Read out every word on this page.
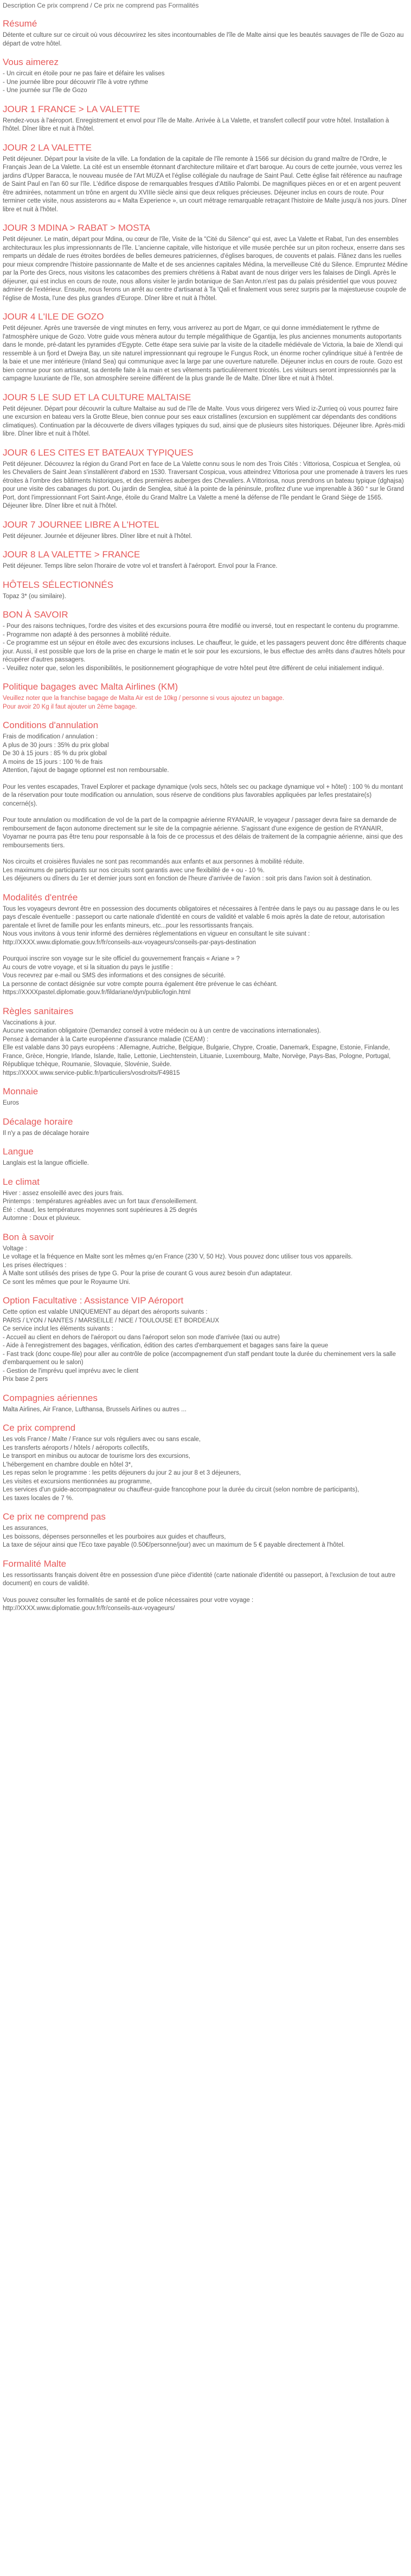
Description Ce prix comprend / Ce prix ne comprend pas Formalités
Résumé
Détente et culture sur ce circuit où vous découvrirez les sites incontournables de l'île de Malte ainsi que les beautés sauvages de l'île de Gozo au départ de votre hôtel.
Vous aimerez
- Un circuit en étoile pour ne pas faire et défaire les valises
- Une journée libre pour découvrir l'île à votre rythme
- Une journée sur l'île de Gozo
JOUR 1 FRANCE > LA VALETTE
Rendez-vous à l'aéroport. Enregistrement et envol pour l'île de Malte. Arrivée à La Valette, et transfert collectif pour votre hôtel. Installation à l'hôtel. Dîner libre et nuit à l'hôtel.
JOUR 2 LA VALETTE
Petit déjeuner. Départ pour la visite de la ville. La fondation de la capitale de l'île remonte à 1566 sur décision du grand maître de l'Ordre, le Français Jean de La Valette. La cité est un ensemble étonnant d'architecture militaire et d'art baroque. Au cours de cette journée, vous verrez les jardins d'Upper Baracca, le nouveau musée de l'Art MUZA et l'église collégiale du naufrage de Saint Paul. Cette église fait référence au naufrage de Saint Paul en l'an 60 sur l'île. L'édifice dispose de remarquables fresques d'Attilio Palombi. De magnifiques pièces en or et en argent peuvent être admirées, notamment un trône en argent du XVIIIe siècle ainsi que deux reliques précieuses. Déjeuner inclus en cours de route. Pour terminer cette visite, nous assisterons au « Malta Experience », un court métrage remarquable retraçant l'histoire de Malte jusqu'à nos jours. Dîner libre et nuit à l'hôtel.
JOUR 3 MDINA > RABAT > MOSTA
Petit déjeuner. Le matin, départ pour Mdina, ou cœur de l'île, Visite de la "Cité du Silence" qui est, avec La Valette et Rabat, l'un des ensembles architecturaux les plus impressionnants de l'île. L'ancienne capitale, ville historique et ville musée perchée sur un piton rocheux, enserre dans ses remparts un dédale de rues étroites bordées de belles demeures patriciennes, d'églises baroques, de couvents et palais. Flânez dans les ruelles pour mieux comprendre l'histoire passionnante de Malte et de ses anciennes capitales Médina, la merveilleuse Cité du Silence. Empruntez Médine par la Porte des Grecs, nous visitons les catacombes des premiers chrétiens à Rabat avant de nous diriger vers les falaises de Dingli. Après le déjeuner, qui est inclus en cours de route, nous allons visiter le jardin botanique de San Anton.n'est pas du palais présidentiel que vous pouvez admirer de l'extérieur. Ensuite, nous ferons un arrêt au centre d'artisanat à Ta 'Qali et finalement vous serez surpris par la majestueuse coupole de l'église de Mosta, l'une des plus grandes d'Europe. Dîner libre et nuit à l'hôtel.
JOUR 4 L'ILE DE GOZO
Petit déjeuner. Après une traversée de vingt minutes en ferry, vous arriverez au port de Mgarr, ce qui donne immédiatement le rythme de l'atmosphère unique de Gozo. Votre guide vous mènera autour du temple mégalithique de Ggantija, les plus anciennes monuments autoportants dans le monde, pré-datant les pyramides d'Egypte. Cette étape sera suivie par la visite de la citadelle médiévale de Victoria, la baie de Xlendi qui ressemble à un fjord et Dwejra Bay, un site naturel impressionnant qui regroupe le Fungus Rock, un énorme rocher cylindrique situé à l'entrée de la baie et une mer intérieure (Inland Sea) qui communique avec la large par une ouverture naturelle. Déjeuner inclus en cours de route. Gozo est bien connue pour son artisanat, sa dentelle faite à la main et ses vêtements particulièrement tricotés. Les visiteurs seront impressionnés par la campagne luxuriante de l'île, son atmosphère sereine différent de la plus grande île de Malte. Dîner libre et nuit à l'hôtel.
JOUR 5 LE SUD ET LA CULTURE MALTAISE
Petit déjeuner. Départ pour découvrir la culture Maltaise au sud de l'île de Malte. Vous vous dirigerez vers Wied iz-Zurrieq où vous pourrez faire une excursion en bateau vers la Grotte Bleue, bien connue pour ses eaux cristallines (excursion en supplément car dépendants des conditions climatiques). Continuation par la découverte de divers villages typiques du sud, ainsi que de plusieurs sites historiques. Déjeuner libre. Après-midi libre. Dîner libre et nuit à l'hôtel.
JOUR 6 LES CITES ET BATEAUX TYPIQUES
Petit déjeuner. Découvrez la région du Grand Port en face de La Valette connu sous le nom des Trois Cités : Vittoriosa, Cospicua et Senglea, où les Chevaliers de Saint Jean s'installèrent d'abord en 1530. Traversant Cospicua, vous atteindrez Vittoriosa pour une promenade à travers les rues étroites à l'ombre des bâtiments historiques, et des premières auberges des Chevaliers. A Vittoriosa, nous prendrons un bateau typique (dghajsa) pour une visite des cabanages du port. Ou jardin de Senglea, situé à la pointe de la péninsule, profitez d'une vue imprenable à 360 ° sur le Grand Port, dont l'impressionnant Fort Saint-Ange, étoile du Grand Maître La Valette a mené la défense de l'île pendant le Grand Siège de 1565. Déjeuner libre. Dîner libre et nuit à l'hôtel.
JOUR 7 JOURNEE LIBRE A L'HOTEL
Petit déjeuner. Journée et déjeuner libres. Dîner libre et nuit à l'hôtel.
JOUR 8 LA VALETTE > FRANCE
Petit déjeuner. Temps libre selon l'horaire de votre vol et transfert à l'aéroport. Envol pour la France.
HÔTELS SÉLECTIONNÉS
Topaz 3* (ou similaire).
BON À SAVOIR
- Pour des raisons techniques, l'ordre des visites et des excursions pourra être modifié ou inversé, tout en respectant le contenu du programme.
- Programme non adapté à des personnes à mobilité réduite.
- Ce programme est un séjour en étoile avec des excursions incluses. Le chauffeur, le guide, et les passagers peuvent donc être différents chaque jour. Aussi, il est possible que lors de la prise en charge le matin et le soir pour les excursions, le bus effectue des arrêts dans d'autres hôtels pour récupérer d'autres passagers.
- Veuillez noter que, selon les disponibilités, le positionnement géographique de votre hôtel peut être différent de celui initialement indiqué.
Politique bagages avec Malta Airlines (KM)
Veuillez noter que la franchise bagage de Malta Air est de 10kg / personne si vous ajoutez un bagage.
Pour avoir 20 Kg il faut ajouter un 2ème bagage.
Conditions d'annulation
Frais de modification / annulation :
A plus de 30 jours : 35% du prix global
De 30 à 15 jours : 85 % du prix global
A moins de 15 jours : 100 % de frais
Attention, l'ajout de bagage optionnel est non remboursable.
Pour les ventes escapades, Travel Explorer et package dynamique (vols secs, hôtels sec ou package dynamique vol + hôtel) : 100 % du montant de la réservation pour toute modification ou annulation, sous réserve de conditions plus favorables appliquées par le/les prestataire(s) concerné(s).
Pour toute annulation ou modification de vol de la part de la compagnie aérienne RYANAIR, le voyageur / passager devra faire sa demande de remboursement de façon autonome directement sur le site de la compagnie aérienne. S'agissant d'une exigence de gestion de RYANAIR, Voyamar ne pourra pas être tenu pour responsable à la fois de ce processus et des délais de traitement de la compagnie aérienne, ainsi que des remboursements tiers.
Nos circuits et croisières fluviales ne sont pas recommandés aux enfants et aux personnes à mobilité réduite.
Les maximums de participants sur nos circuits sont garantis avec une flexibilité de + ou - 10 %.
Les déjeuners ou dîners du 1er et dernier jours sont en fonction de l'heure d'arrivée de l'avion : soit pris dans l'avion soit à destination.
Modalités d'entrée
Tous les voyageurs devront être en possession des documents obligatoires et nécessaires à l'entrée dans le pays ou au passage dans le ou les pays d'escale éventuelle : passeport ou carte nationale d'identité en cours de validité et valable 6 mois après la date de retour, autorisation parentale et livret de famille pour les enfants mineurs, etc...pour les ressortissants français.
Nous vous invitons à vous tenir informé des dernières réglementations en vigueur en consultant le site suivant : http://XXXX.www.diplomatie.gouv.fr/fr/conseils-aux-voyageurs/conseils-par-pays-destination
Pourquoi inscrire son voyage sur le site officiel du gouvernement français « Ariane » ?
Au cours de votre voyage, et si la situation du pays le justifie :
Vous recevrez par e-mail ou SMS des informations et des consignes de sécurité.
La personne de contact désignée sur votre compte pourra également être prévenue le cas échéant.
https://XXXXpastel.diplomatie.gouv.fr/fildariane/dyn/public/login.html
Règles sanitaires
Vaccinations à jour.
Aucune vaccination obligatoire (Demandez conseil à votre médecin ou à un centre de vaccinations internationales).
Pensez à demander à la Carte européenne d'assurance maladie (CEAM) :
Elle est valable dans 30 pays européens : Allemagne, Autriche, Belgique, Bulgarie, Chypre, Croatie, Danemark, Espagne, Estonie, Finlande, France, Grèce, Hongrie, Irlande, Islande, Italie, Lettonie, Liechtenstein, Lituanie, Luxembourg, Malte, Norvège, Pays-Bas, Pologne, Portugal, République tchèque, Roumanie, Slovaquie, Slovénie, Suède.
https://XXXX.www.service-public.fr/particuliers/vosdroits/F49815
Monnaie
Euros
Décalage horaire
Il n'y a pas de décalage horaire
Langue
Langlais est la langue officielle.
Le climat
Hiver : assez ensoleillé avec des jours frais.
Printemps : températures agréables avec un fort taux d'ensoleillement.
Été : chaud, les températures moyennes sont supérieures à 25 degrés
Automne : Doux et pluvieux.
Bon à savoir
Voltage :
Le voltage et la fréquence en Malte sont les mêmes qu'en France (230 V, 50 Hz). Vous pouvez donc utiliser tous vos appareils.
Les prises électriques :
À Malte sont utilisés des prises de type G. Pour la prise de courant G vous aurez besoin d'un adaptateur.
Ce sont les mêmes que pour le Royaume Uni.
Option Facultative : Assistance VIP Aéroport
Cette option est valable UNIQUEMENT au départ des aéroports suivants :
PARIS / LYON / NANTES / MARSEILLE / NICE / TOULOUSE ET BORDEAUX
Ce service inclut les éléments suivants :
- Accueil au client en dehors de l'aéroport ou dans l'aéroport selon son mode d'arrivée (taxi ou autre)
- Aide à l'enregistrement des bagages, vérification, édition des cartes d'embarquement et bagages sans faire la queue
- Fast track (donc coupe-file) pour aller au contrôle de police (accompagnement d'un staff pendant toute la durée du cheminement vers la salle d'embarquement ou le salon)
- Gestion de l'imprévu quel imprévu avec le client
Prix base 2 pers
Compagnies aériennes
Malta Airlines, Air France, Lufthansa, Brussels Airlines ou autres ...
Ce prix comprend
Les vols France / Malte / France sur vols réguliers avec ou sans escale,
Les transferts aéroports / hôtels / aéroports collectifs,
Le transport en minibus ou autocar de tourisme lors des excursions,
L'hébergement en chambre double en hôtel 3*,
Les repas selon le programme : les petits déjeuners du jour 2 au jour 8 et 3 déjeuners,
Les visites et excursions mentionnées au programme,
Les services d'un guide-accompagnateur ou chauffeur-guide francophone pour la durée du circuit (selon nombre de participants),
Les taxes locales de 7 %.
Ce prix ne comprend pas
Les assurances,
Les boissons, dépenses personnelles et les pourboires aux guides et chauffeurs,
La taxe de séjour ainsi que l'Eco taxe payable (0.50€/personne/jour) avec un maximum de 5 € payable directement à l'hôtel.
Formalité Malte
Les ressortissants français doivent être en possession d'une pièce d'identité (carte nationale d'identité ou passeport, à l'exclusion de tout autre document) en cours de validité.
Vous pouvez consulter les formalités de santé et de police nécessaires pour votre voyage :
http://XXXX.www.diplomatie.gouv.fr/fr/conseils-aux-voyageurs/
